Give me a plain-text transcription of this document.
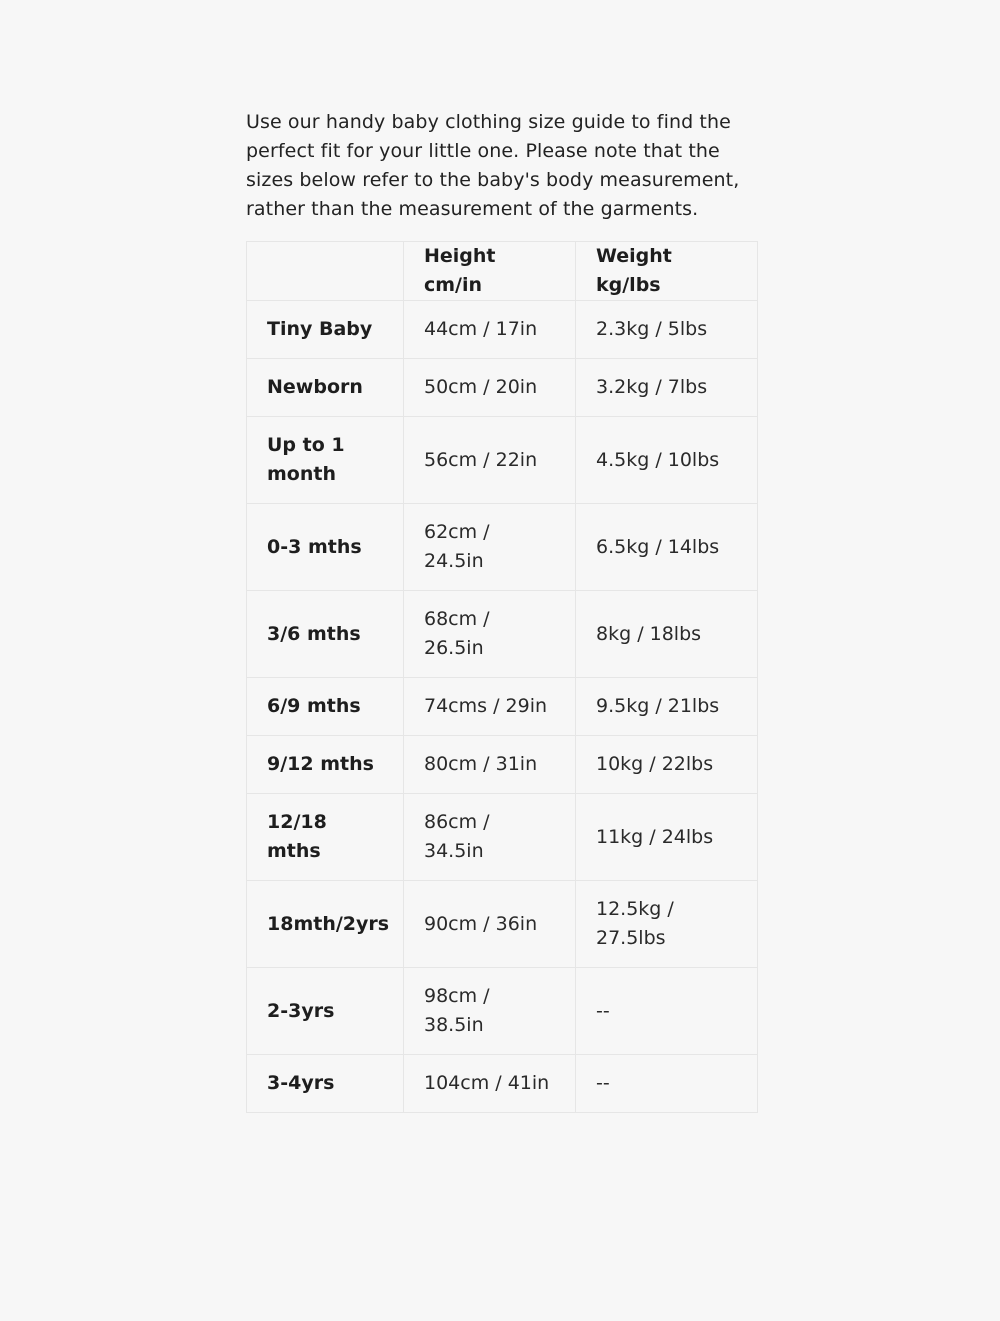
Use our handy baby clothing size guide to find the perfect fit for your little one. Please note that the sizes below refer to the baby's body measurement, rather than the measurement of the garments.

	Height cm/in	Weight kg/lbs
Tiny Baby	44cm / 17in	2.3kg / 5lbs
Newborn	50cm / 20in	3.2kg / 7lbs
Up to 1 month	56cm / 22in	4.5kg / 10lbs
0-3 mths	62cm / 24.5in	6.5kg / 14lbs
3/6 mths	68cm / 26.5in	8kg / 18lbs
6/9 mths	74cms / 29in	9.5kg / 21lbs
9/12 mths	80cm / 31in	10kg / 22lbs
12/18 mths	86cm / 34.5in	11kg / 24lbs
18mth/2yrs	90cm / 36in	12.5kg / 27.5lbs
2-3yrs	98cm / 38.5in	--
3-4yrs	104cm / 41in	--
